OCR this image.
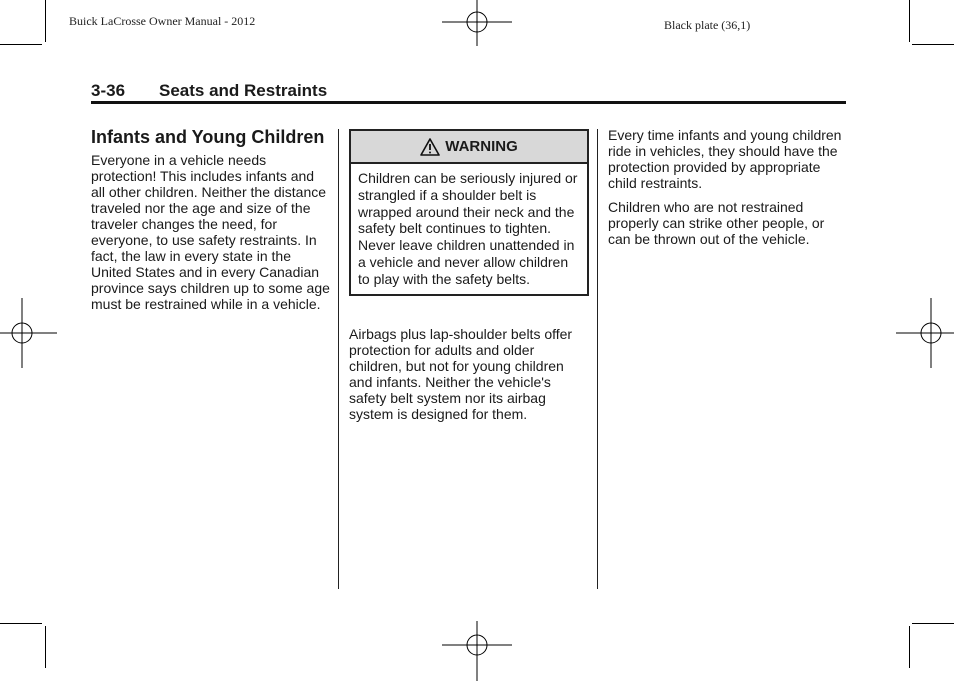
Buick LaCrosse Owner Manual - 2012	Black plate (36,1)
3-36 Seats and Restraints
Infants and Young Children

Everyone in a vehicle needs protection! This includes infants and all other children. Neither the distance traveled nor the age and size of the traveler changes the need, for everyone, to use safety restraints. In fact, the law in every state in the United States and in every Canadian province says children up to some age must be restrained while in a vehicle.

WARNING
Children can be seriously injured or strangled if a shoulder belt is wrapped around their neck and the safety belt continues to tighten. Never leave children unattended in a vehicle and never allow children to play with the safety belts.

Airbags plus lap-shoulder belts offer protection for adults and older children, but not for young children and infants. Neither the vehicle's safety belt system nor its airbag system is designed for them.

Every time infants and young children ride in vehicles, they should have the protection provided by appropriate child restraints.

Children who are not restrained properly can strike other people, or can be thrown out of the vehicle.
